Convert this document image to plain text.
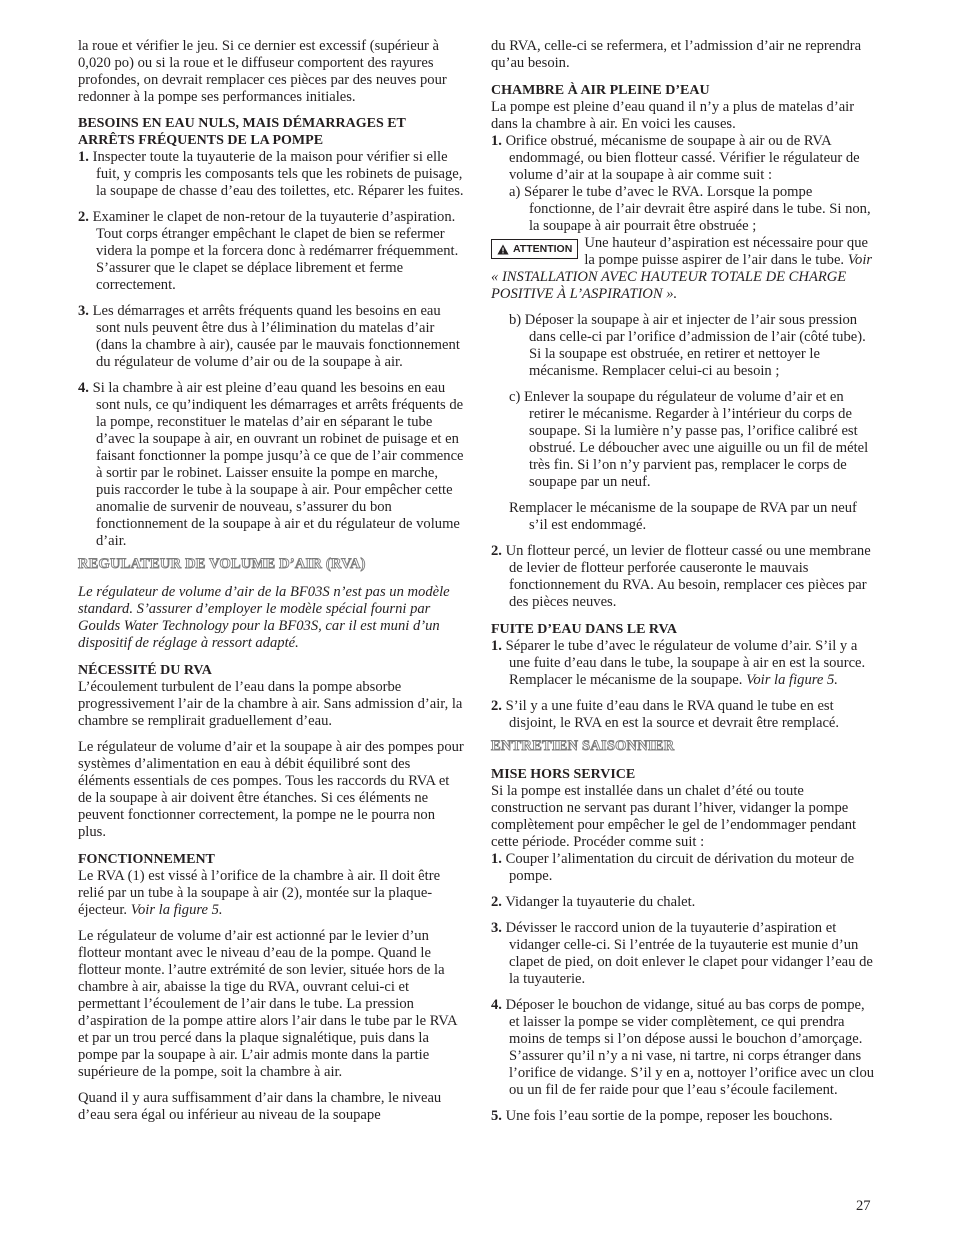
la roue et vérifier le jeu. Si ce dernier est excessif (supérieur à 0,020 po) ou si la roue et le diffuseur comportent des rayures profondes, on devrait remplacer ces pièces par des neuves pour redonner à la pompe ses performances initiales.

BESOINS EN EAU NULS, MAIS DÉMARRAGES ET ARRÊTS FRÉQUENTS DE LA POMPE
1. Inspecter toute la tuyauterie de la maison pour vérifier si elle fuit, y compris les composants tels que les robinets de puisage, la soupape de chasse d’eau des toilettes, etc. Réparer les fuites.
2. Examiner le clapet de non-retour de la tuyauterie d’aspiration. Tout corps étranger empêchant le clapet de bien se refermer videra la pompe et la forcera donc à redémarrer fréquemment. S’assurer que le clapet se déplace librement et ferme correctement.
3. Les démarrages et arrêts fréquents quand les besoins en eau sont nuls peuvent être dus à l’élimination du matelas d’air (dans la chambre à air), causée par le mauvais fonctionnement du régulateur de volume d’air ou de la soupape à air.
4. Si la chambre à air est pleine d’eau quand les besoins en eau sont nuls, ce qu’indiquent les démarrages et arrêts fréquents de la pompe, reconstituer le matelas d’air en séparant le tube d’avec la soupape à air, en ouvrant un robinet de puisage et en faisant fonctionner la pompe jusqu’à ce que de l’air commence à sortir par le robinet. Laisser ensuite la pompe en marche, puis raccorder le tube à la soupape à air. Pour empêcher cette anomalie de survenir de nouveau, s’assurer du bon fonctionnement de la soupape à air et du régulateur de volume d’air.
REGULATEUR DE VOLUME D’AIR (RVA)

Le régulateur de volume d’air de la BF03S n’est pas un modèle standard. S’assurer d’employer le modèle spécial fourni par Goulds Water Technology pour la BF03S, car il est muni d’un dispositif de réglage à ressort adapté.

NÉCESSITÉ DU RVA

L’écoulement turbulent de l’eau dans la pompe absorbe progressivement l’air de la chambre à air. Sans admission d’air, la chambre se remplirait graduellement d’eau.

Le régulateur de volume d’air et la soupape à air des pompes pour systèmes d’alimentation en eau à débit équilibré sont des éléments essentials de ces pompes. Tous les raccords du RVA et de la soupape à air doivent être étanches. Si ces éléments ne peuvent fonctionner correctement, la pompe ne le pourra non plus.

FONCTIONNEMENT

Le RVA (1) est vissé à l’orifice de la chambre à air. Il doit être relié par un tube à la soupape à air (2), montée sur la plaque-éjecteur. Voir la figure 5.

Le régulateur de volume d’air est actionné par le levier d’un flotteur montant avec le niveau d’eau de la pompe. Quand le flotteur monte. l’autre extrémité de son levier, située hors de la chambre à air, abaisse la tige du RVA, ouvrant celui-ci et permettant l’écoulement de l’air dans le tube. La pression d’aspiration de la pompe attire alors l’air dans le tube par le RVA et par un trou percé dans la plaque signalétique, puis dans la pompe par la soupape à air. L’air admis monte dans la partie supérieure de la pompe, soit la chambre à air.

Quand il y aura suffisamment d’air dans la chambre, le niveau d’eau sera égal ou inférieur au niveau de la soupape

du RVA, celle-ci se refermera, et l’admission d’air ne reprendra qu’au besoin.

CHAMBRE À AIR PLEINE D’EAU

La pompe est pleine d’eau quand il n’y a plus de matelas d’air dans la chambre à air. En voici les causes.

1. Orifice obstrué, mécanisme de soupape à air ou de RVA endommagé, ou bien flotteur cassé. Vérifier le régulateur de volume d’air at la soupape à air comme suit :

a) Séparer le tube d’avec le RVA. Lorsque la pompe fonctionne, de l’air devrait être aspiré dans le tube. Si non, la soupape à air pourrait être obstruée ;

ATTENTION Une hauteur d’aspiration est nécessaire pour que la pompe puisse aspirer de l’air dans le tube. Voir « INSTALLATION AVEC HAUTEUR TOTALE DE CHARGE POSITIVE À L’ASPIRATION ».

b) Déposer la soupape à air et injecter de l’air sous pression dans celle-ci par l’orifice d’admission de l’air (côté tube). Si la soupape est obstruée, en retirer et nettoyer le mécanisme. Remplacer celui-ci au besoin ;

c) Enlever la soupape du régulateur de volume d’air et en retirer le mécanisme. Regarder à l’intérieur du corps de soupape. Si la lumière n’y passe pas, l’orifice calibré est obstrué. Le déboucher avec une aiguille ou un fil de métel très fin. Si l’on n’y parvient pas, remplacer le corps de soupape par un neuf.

Remplacer le mécanisme de la soupape de RVA par un neuf s’il est endommagé.

2. Un flotteur percé, un levier de flotteur cassé ou une membrane de levier de flotteur perforée causeronte le mauvais fonctionnement du RVA. Au besoin, remplacer ces pièces par des pièces neuves.
FUITE D’EAU DANS LE RVA
1. Séparer le tube d’avec le régulateur de volume d’air. S’il y a une fuite d’eau dans le tube, la soupape à air en est la source. Remplacer le mécanisme de la soupape. Voir la figure 5.
2. S’il y a une fuite d’eau dans le RVA quand le tube en est disjoint, le RVA en est la source et devrait être remplacé.
ENTRETIEN SAISONNIER
MISE HORS SERVICE

Si la pompe est installée dans un chalet d’été ou toute construction ne servant pas durant l’hiver, vidanger la pompe complètement pour empêcher le gel de l’endommager pendant cette période. Procéder comme suit :

1. Couper l’alimentation du circuit de dérivation du moteur de pompe.
2. Vidanger la tuyauterie du chalet.
3. Dévisser le raccord union de la tuyauterie d’aspiration et vidanger celle-ci. Si l’entrée de la tuyauterie est munie d’un clapet de pied, on doit enlever le clapet pour vidanger l’eau de la tuyauterie.
4. Déposer le bouchon de vidange, situé au bas corps de pompe, et laisser la pompe se vider complètement, ce qui prendra moins de temps si l’on dépose aussi le bouchon d’amorçage. S’assurer qu’il n’y a ni vase, ni tartre, ni corps étranger dans l’orifice de vidange. S’il y en a, nottoyer l’orifice avec un clou ou un fil de fer raide pour que l’eau s’écoule facilement.
5. Une fois l’eau sortie de la pompe, reposer les bouchons.
27
